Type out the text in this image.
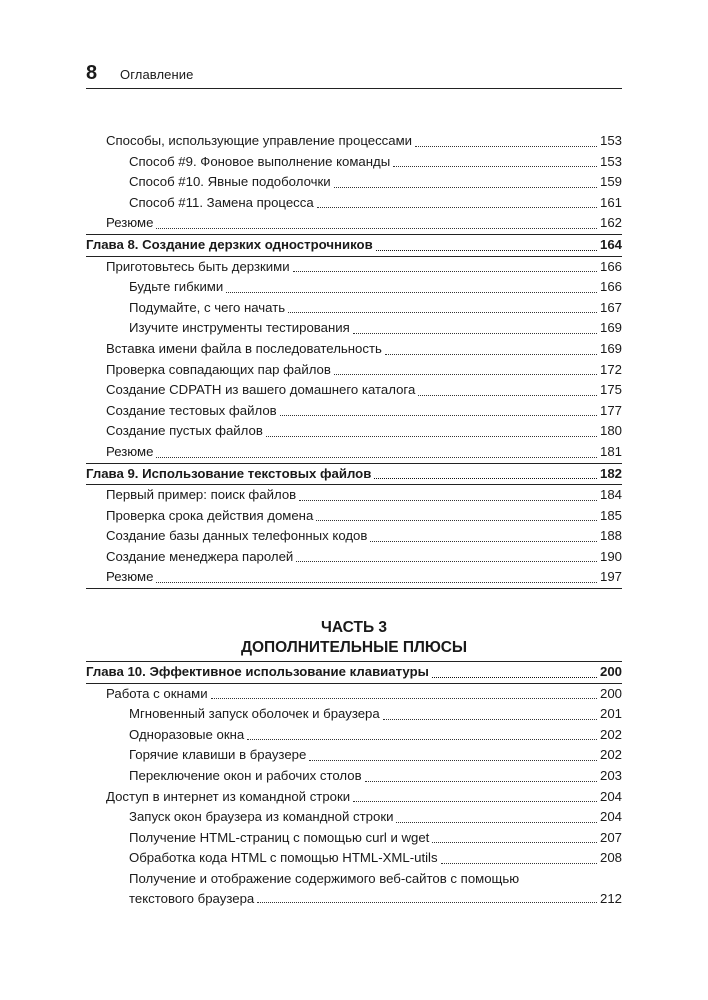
8 Оглавление
Способы, использующие управление процессами	153
Способ #9. Фоновое выполнение команды	153
Способ #10. Явные подоболочки	159
Способ #11. Замена процесса	161
Резюме	162
Глава 8. Создание дерзких однострочников	164
Приготовьтесь быть дерзкими	166
Будьте гибкими	166
Подумайте, с чего начать	167
Изучите инструменты тестирования	169
Вставка имени файла в последовательность	169
Проверка совпадающих пар файлов	172
Создание CDPATH из вашего домашнего каталога	175
Создание тестовых файлов	177
Создание пустых файлов	180
Резюме	181
Глава 9. Использование текстовых файлов	182
Первый пример: поиск файлов	184
Проверка срока действия домена	185
Создание базы данных телефонных кодов	188
Создание менеджера паролей	190
Резюме	197
ЧАСТЬ 3
ДОПОЛНИТЕЛЬНЫЕ ПЛЮСЫ
Глава 10. Эффективное использование клавиатуры	200
Работа с окнами	200
Мгновенный запуск оболочек и браузера	201
Одноразовые окна	202
Горячие клавиши в браузере	202
Переключение окон и рабочих столов	203
Доступ в интернет из командной строки	204
Запуск окон браузера из командной строки	204
Получение HTML-страниц с помощью curl и wget	207
Обработка кода HTML с помощью HTML-XML-utils	208
Получение и отображение содержимого веб-сайтов с помощью
текстового браузера	212
